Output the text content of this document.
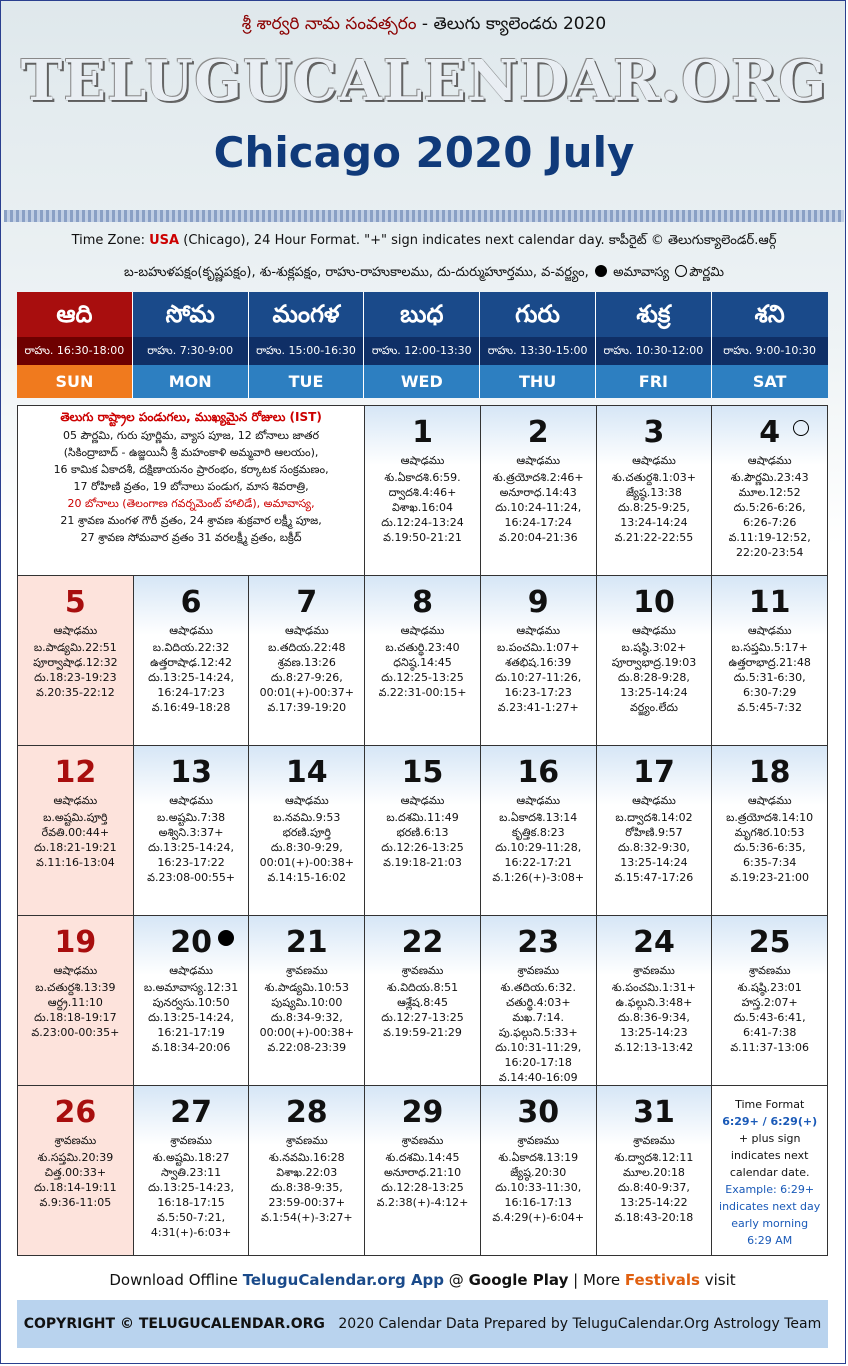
శ్రీ శార్వరి నామ సంవత్సరం - తెలుగు క్యాలెండరు 2020
TELUGUCALENDAR.ORG
Chicago 2020 July
Time Zone: USA (Chicago), 24 Hour Format. "+" sign indicates next calendar day. కాపీరైట్ © తెలుగుక్యాలెండర్.ఆర్గ్
బ-బహుళపక్షం(కృష్ణపక్షం), శు-శుక్లపక్షం, రాహు-రాహుకాలము, దు-దుర్ముహూర్తము, వ-వర్జ్యం, అమావాస్య పౌర్ణమి
ఆది
రాహు. 16:30-18:00
SUN
సోమ
రాహు. 7:30-9:00
MON
మంగళ
రాహు. 15:00-16:30
TUE
బుధ
రాహు. 12:00-13:30
WED
గురు
రాహు. 13:30-15:00
THU
శుక్ర
రాహు. 10:30-12:00
FRI
శని
రాహు. 9:00-10:30
SAT
తెలుగు రాష్ట్రాల పండుగలు, ముఖ్యమైన రోజులు (IST)
05 పౌర్ణమి, గురు పూర్ణిమ, వ్యాస పూజ, 12 బోనాలు జాతర
(సికింద్రాబాద్ - ఉజ్జయినీ శ్రీ మహంకాళి అమ్మవారి ఆలయం),
16 కామిక ఏకాదశీ, దక్షిణాయనం ప్రారంభం, కర్కాటక సంక్రమణం,
17 రోహిణి వ్రతం, 19 బోనాలు పండుగ, మాస శివరాత్రి,
20 బోనాలు (తెలంగాణ గవర్నమెంట్ హాలిడే), అమావాస్య,
21 శ్రావణ మంగళ గౌరీ వ్రతం, 24 శ్రావణ శుక్రవార లక్ష్మీ పూజ,
27 శ్రావణ సోమవార వ్రతం 31 వరలక్ష్మీ వ్రతం, బక్రీద్
1
ఆషాఢము
శు.ఏకాదశి.6:59.
ద్వాదశి.4:46+
విశాఖ.16:04
దు.12:24-13:24
వ.19:50-21:21
2
ఆషాఢము
శు.త్రయోదశి.2:46+
అనూరాధ.14:43
దు.10:24-11:24,
16:24-17:24
వ.20:04-21:36
3
ఆషాఢము
శు.చతుర్దశి.1:03+
జ్యేష్ఠ.13:38
దు.8:25-9:25,
13:24-14:24
వ.21:22-22:55
4
ఆషాఢము
శు.పౌర్ణమి.23:43
మూల.12:52
దు.5:26-6:26,
6:26-7:26
వ.11:19-12:52,
22:20-23:54
5
ఆషాఢము
బ.పాడ్యమి.22:51
పూర్వాషాఢ.12:32
దు.18:23-19:23
వ.20:35-22:12
6
ఆషాఢము
బ.విదియ.22:32
ఉత్తరాషాఢ.12:42
దు.13:25-14:24,
16:24-17:23
వ.16:49-18:28
7
ఆషాఢము
బ.తదియ.22:48
శ్రవణ.13:26
దు.8:27-9:26,
00:01(+)-00:37+
వ.17:39-19:20
8
ఆషాఢము
బ.చతుర్థి.23:40
ధనిష్ఠ.14:45
దు.12:25-13:25
వ.22:31-00:15+
9
ఆషాఢము
బ.పంచమి.1:07+
శతభిష.16:39
దు.10:27-11:26,
16:23-17:23
వ.23:41-1:27+
10
ఆషాఢము
బ.షష్ఠి.3:02+
పూర్వాభాద్ర.19:03
దు.8:28-9:28,
13:25-14:24
వర్జ్యం.లేదు
11
ఆషాఢము
బ.సప్తమి.5:17+
ఉత్తరాభాద్ర.21:48
దు.5:31-6:30,
6:30-7:29
వ.5:45-7:32
12
ఆషాఢము
బ.అష్టమి.పూర్తి
రేవతి.00:44+
దు.18:21-19:21
వ.11:16-13:04
13
ఆషాఢము
బ.అష్టమి.7:38
అశ్విని.3:37+
దు.13:25-14:24,
16:23-17:22
వ.23:08-00:55+
14
ఆషాఢము
బ.నవమి.9:53
భరణి.పూర్తి
దు.8:30-9:29,
00:01(+)-00:38+
వ.14:15-16:02
15
ఆషాఢము
బ.దశమి.11:49
భరణి.6:13
దు.12:26-13:25
వ.19:18-21:03
16
ఆషాఢము
బ.ఏకాదశి.13:14
కృత్తిక.8:23
దు.10:29-11:28,
16:22-17:21
వ.1:26(+)-3:08+
17
ఆషాఢము
బ.ద్వాదశి.14:02
రోహిణి.9:57
దు.8:32-9:30,
13:25-14:24
వ.15:47-17:26
18
ఆషాఢము
బ.త్రయోదశి.14:10
మృగశిర.10:53
దు.5:36-6:35,
6:35-7:34
వ.19:23-21:00
19
ఆషాఢము
బ.చతుర్దశి.13:39
ఆర్ద్ర.11:10
దు.18:18-19:17
వ.23:00-00:35+
20
ఆషాఢము
బ.అమావాస్య.12:31
పునర్వసు.10:50
దు.13:25-14:24,
16:21-17:19
వ.18:34-20:06
21
శ్రావణము
శు.పాడ్యమి.10:53
పుష్యమి.10:00
దు.8:34-9:32,
00:00(+)-00:38+
వ.22:08-23:39
22
శ్రావణము
శు.విదియ.8:51
ఆశ్లేష.8:45
దు.12:27-13:25
వ.19:59-21:29
23
శ్రావణము
శు.తదియ.6:32.
చతుర్థి.4:03+
మఖ.7:14.
పు.ఫల్గుని.5:33+
దు.10:31-11:29,
16:20-17:18
వ.14:40-16:09
24
శ్రావణము
శు.పంచమి.1:31+
ఉ.ఫల్గుని.3:48+
దు.8:36-9:34,
13:25-14:23
వ.12:13-13:42
25
శ్రావణము
శు.షష్ఠి.23:01
హస్త.2:07+
దు.5:43-6:41,
6:41-7:38
వ.11:37-13:06
26
శ్రావణము
శు.సప్తమి.20:39
చిత్త.00:33+
దు.18:14-19:11
వ.9:36-11:05
27
శ్రావణము
శు.అష్టమి.18:27
స్వాతి.23:11
దు.13:25-14:23,
16:18-17:15
వ.5:50-7:21,
4:31(+)-6:03+
28
శ్రావణము
శు.నవమి.16:28
విశాఖ.22:03
దు.8:38-9:35,
23:59-00:37+
వ.1:54(+)-3:27+
29
శ్రావణము
శు.దశమి.14:45
అనూరాధ.21:10
దు.12:28-13:25
వ.2:38(+)-4:12+
30
శ్రావణము
శు.ఏకాదశి.13:19
జ్యేష్ఠ.20:30
దు.10:33-11:30,
16:16-17:13
వ.4:29(+)-6:04+
31
శ్రావణము
శు.ద్వాదశి.12:11
మూల.20:18
దు.8:40-9:37,
13:25-14:22
వ.18:43-20:18
Time Format
6:29+ / 6:29(+)
+ plus sign
indicates next
calendar date.
Example: 6:29+
indicates next day
early morning
6:29 AM
Download Offline TeluguCalendar.org App @ Google Play | More Festivals visit
COPYRIGHT © TELUGUCALENDAR.ORG 2020 Calendar Data Prepared by TeluguCalendar.Org Astrology Team
